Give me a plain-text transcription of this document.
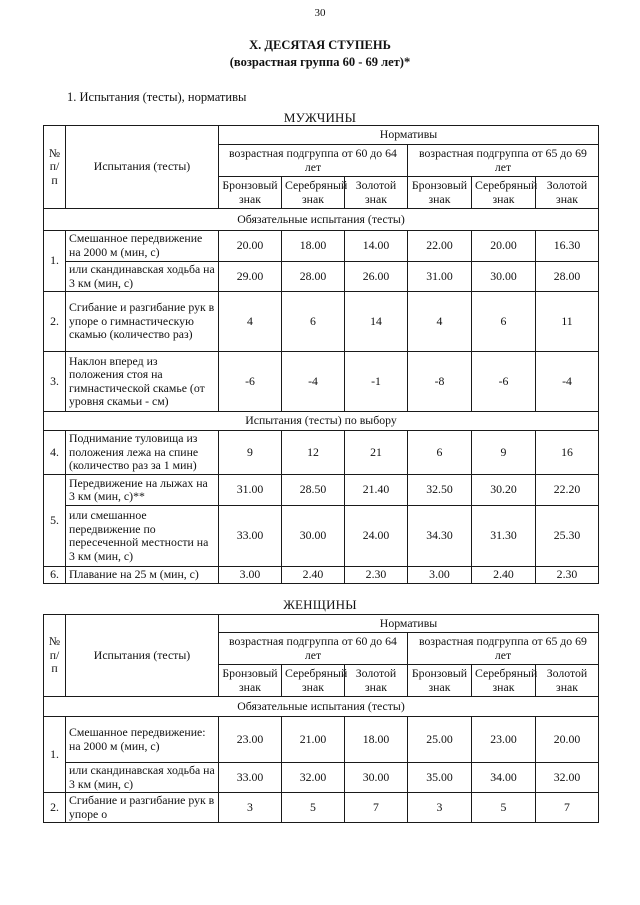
30
X. ДЕСЯТАЯ СТУПЕНЬ
(возрастная группа 60 - 69 лет)*
1. Испытания (тесты), нормативы
МУЖЧИНЫ
№ п/п	Испытания (тесты)	Нормативы					
		возрастная подгруппа от 60 до 64 лет			возрастная подгруппа от 65 до 69 лет		
		Бронзовый знак	Серебряный знак	Золотой знак	Бронзовый знак	Серебряный знак	Золотой знак
Обязательные испытания (тесты)							
1.	Смешанное передвижение на 2000 м (мин, с)	20.00	18.00	14.00	22.00	20.00	16.30
	или скандинавская ходьба на 3 км (мин, с)	29.00	28.00	26.00	31.00	30.00	28.00
2.	Сгибание и разгибание рук в упоре о гимнастическую скамью (количество раз)	4	6	14	4	6	11
3.	Наклон вперед из положения стоя на гимнастической скамье (от уровня скамьи - см)	-6	-4	-1	-8	-6	-4
Испытания (тесты) по выбору							
4.	Поднимание туловища из положения лежа на спине (количество раз за 1 мин)	9	12	21	6	9	16
5.	Передвижение на лыжах на 3 км (мин, с)**	31.00	28.50	21.40	32.50	30.20	22.20
	или смешанное передвижение по пересеченной местности на 3 км (мин, с)	33.00	30.00	24.00	34.30	31.30	25.30
6.	Плавание на 25 м (мин, с)	3.00	2.40	2.30	3.00	2.40	2.30
ЖЕНЩИНЫ
№ п/п	Испытания (тесты)	Нормативы					
		возрастная подгруппа от 60 до 64 лет			возрастная подгруппа от 65 до 69 лет		
		Бронзовый знак	Серебряный знак	Золотой знак	Бронзовый знак	Серебряный знак	Золотой знак
Обязательные испытания (тесты)							
1.	Смешанное передвижение: на 2000 м (мин, с)	23.00	21.00	18.00	25.00	23.00	20.00
	или скандинавская ходьба на 3 км (мин, с)	33.00	32.00	30.00	35.00	34.00	32.00
2.	Сгибание и разгибание рук в упоре о	3	5	7	3	5	7
